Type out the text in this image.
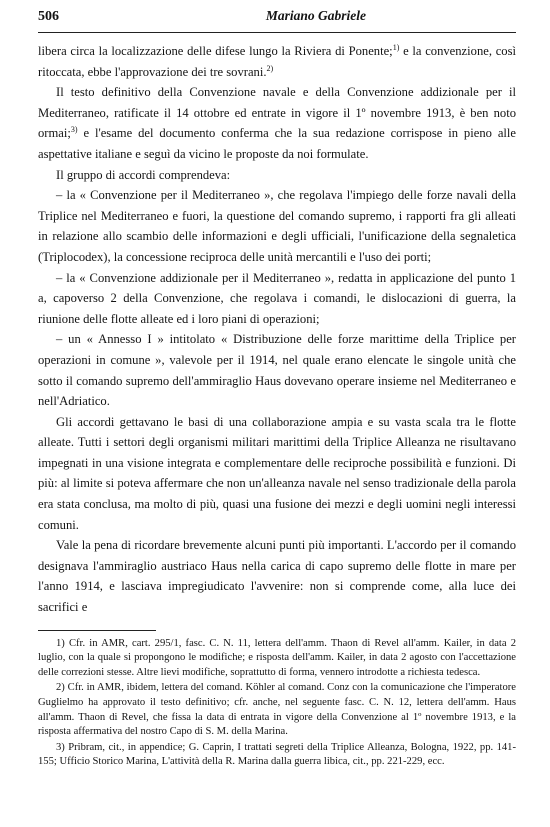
506	Mariano Gabriele

libera circa la localizzazione delle difese lungo la Riviera di Ponente;$^{1)}$ e la convenzione, così ritoccata, ebbe l'approvazione dei tre sovrani.$^{2)}$

Il testo definitivo della Convenzione navale e della Convenzione addizionale per il Mediterraneo, ratificate il 14 ottobre ed entrate in vigore il 1º novembre 1913, è ben noto ormai;$^{3)}$ e l'esame del documento conferma che la sua redazione corrispose in pieno alle aspettative italiane e seguì da vicino le proposte da noi formulate.

Il gruppo di accordi comprendeva:

– la « Convenzione per il Mediterraneo », che regolava l'impiego delle forze navali della Triplice nel Mediterraneo e fuori, la questione del comando supremo, i rapporti fra gli alleati in relazione allo scambio delle informazioni e degli ufficiali, l'unificazione della segnaletica (Triplocodex), la concessione reciproca delle unità mercantili e l'uso dei porti;

– la « Convenzione addizionale per il Mediterraneo », redatta in applicazione del punto 1 a, capoverso 2 della Convenzione, che regolava i comandi, le dislocazioni di guerra, la riunione delle flotte alleate ed i loro piani di operazioni;

– un « Annesso I » intitolato « Distribuzione delle forze marittime della Triplice per operazioni in comune », valevole per il 1914, nel quale erano elencate le singole unità che sotto il comando supremo dell'ammiraglio Haus dovevano operare insieme nel Mediterraneo e nell'Adriatico.

Gli accordi gettavano le basi di una collaborazione ampia e su vasta scala tra le flotte alleate. Tutti i settori degli organismi militari marittimi della Triplice Alleanza ne risultavano impegnati in una visione integrata e complementare delle reciproche possibilità e funzioni. Di più: al limite si poteva affermare che non un'alleanza navale nel senso tradizionale della parola era stata conclusa, ma molto di più, quasi una fusione dei mezzi e degli uomini negli interessi comuni.

Vale la pena di ricordare brevemente alcuni punti più importanti. L'accordo per il comando designava l'ammiraglio austriaco Haus nella carica di capo supremo delle flotte in mare per l'anno 1914, e lasciava impregiudicato l'avvenire: non si comprende come, alla luce dei sacrifici e

1) Cfr. in AMR, cart. 295/1, fasc. C. N. 11, lettera dell'amm. Thaon di Revel all'amm. Kailer, in data 2 luglio, con la quale si propongono le modifiche; e risposta dell'amm. Kailer, in data 2 agosto con l'accettazione delle correzioni stesse. Altre lievi modifiche, soprattutto di forma, vennero introdotte a richiesta tedesca.

2) Cfr. in AMR, ibidem, lettera del comand. Köhler al comand. Conz con la comunicazione che l'imperatore Guglielmo ha approvato il testo definitivo; cfr. anche, nel seguente fasc. C. N. 12, lettera dell'amm. Haus all'amm. Thaon di Revel, che fissa la data di entrata in vigore della Convenzione al 1º novembre 1913, e la risposta affermativa del nostro Capo di S. M. della Marina.

3) Pribram, cit., in appendice; G. Caprin, I trattati segreti della Triplice Alleanza, Bologna, 1922, pp. 141-155; Ufficio Storico Marina, L'attività della R. Marina dalla guerra libica, cit., pp. 221-229, ecc.
